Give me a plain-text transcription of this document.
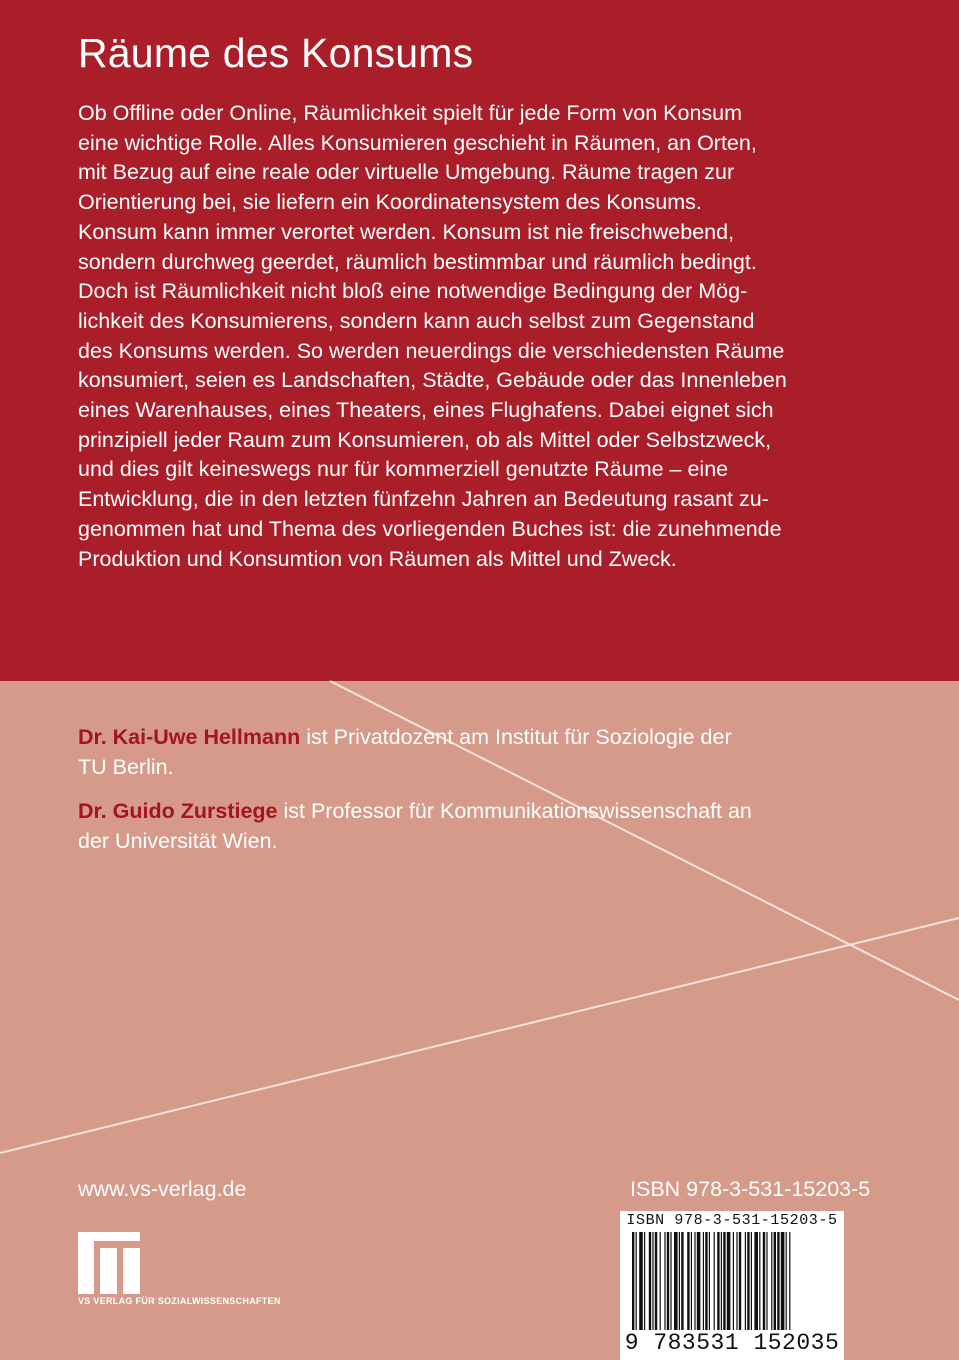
Räume des Konsums
Ob Offline oder Online, Räumlichkeit spielt für jede Form von Konsum
eine wichtige Rolle. Alles Konsumieren geschieht in Räumen, an Orten,
mit Bezug auf eine reale oder virtuelle Umgebung. Räume tragen zur
Orientierung bei, sie liefern ein Koordinatensystem des Konsums.
Konsum kann immer verortet werden. Konsum ist nie freischwebend,
sondern durchweg geerdet, räumlich bestimmbar und räumlich bedingt.
Doch ist Räumlichkeit nicht bloß eine notwendige Bedingung der Mög-
lichkeit des Konsumierens, sondern kann auch selbst zum Gegenstand
des Konsums werden. So werden neuerdings die verschiedensten Räume
konsumiert, seien es Landschaften, Städte, Gebäude oder das Innenleben
eines Warenhauses, eines Theaters, eines Flughafens. Dabei eignet sich
prinzipiell jeder Raum zum Konsumieren, ob als Mittel oder Selbstzweck,
und dies gilt keineswegs nur für kommerziell genutzte Räume – eine
Entwicklung, die in den letzten fünfzehn Jahren an Bedeutung rasant zu-
genommen hat und Thema des vorliegenden Buches ist: die zunehmende
Produktion und Konsumtion von Räumen als Mittel und Zweck.
Dr. Kai-Uwe Hellmann ist Privatdozent am Institut für Soziologie der
TU Berlin.
Dr. Guido Zurstiege ist Professor für Kommunikationswissenschaft an
der Universität Wien.
www.vs-verlag.de	ISBN 978-3-531-15203-5
VS VERLAG FÜR SOZIALWISSENSCHAFTEN
ISBN 978-3-531-15203-5
9 783531 152035
